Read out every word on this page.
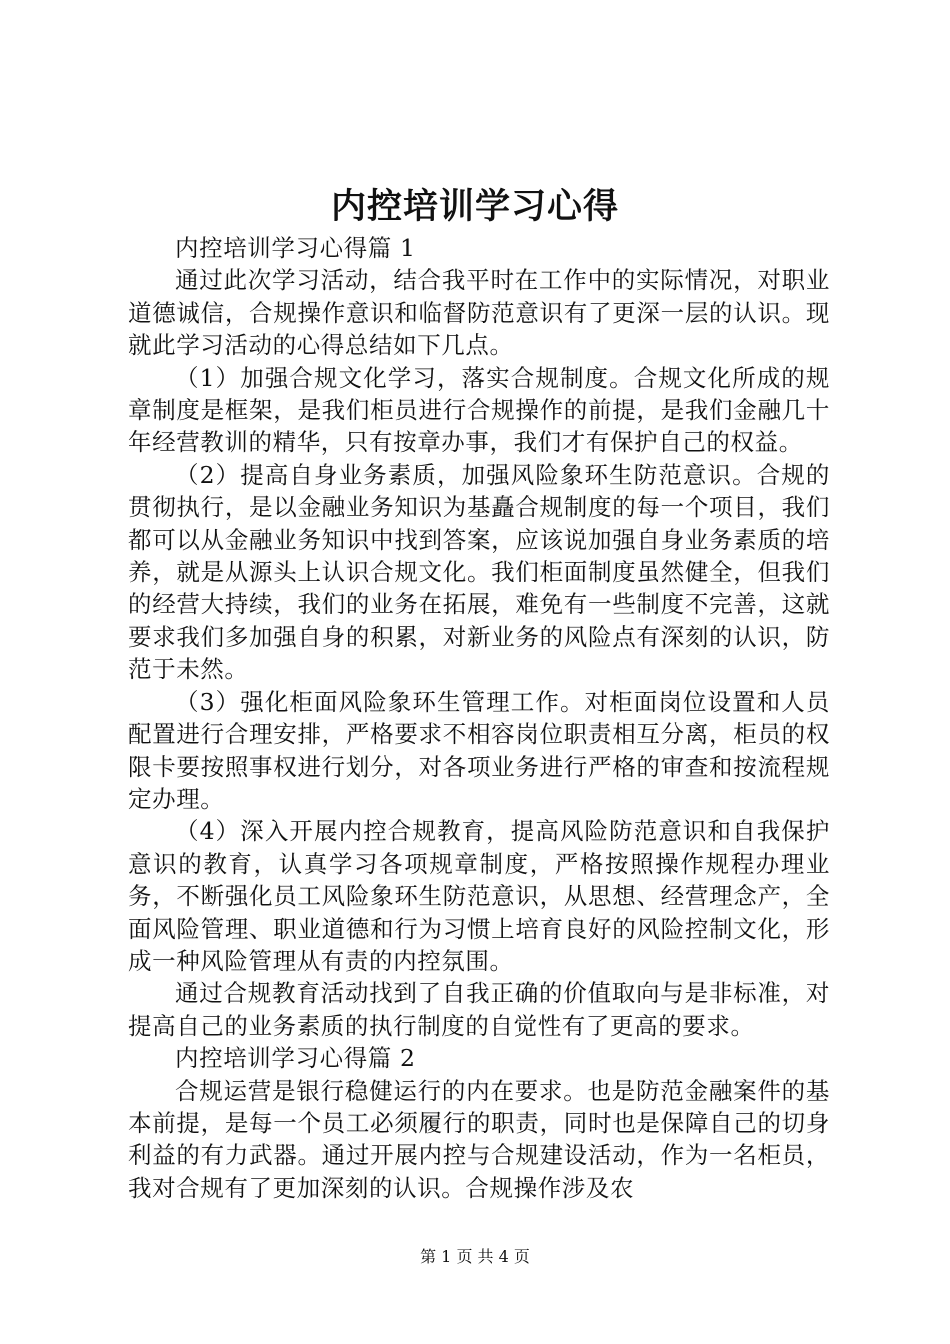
内控培训学习心得

内控培训学习心得篇 1

通过此次学习活动，结合我平时在工作中的实际情况，对职业道德诚信，合规操作意识和临督防范意识有了更深一层的认识。现就此学习活动的心得总结如下几点。

（1）加强合规文化学习，落实合规制度。合规文化所成的规章制度是框架，是我们柜员进行合规操作的前提，是我们金融几十年经营教训的精华，只有按章办事，我们才有保护自己的权益。

（2）提高自身业务素质，加强风险象环生防范意识。合规的贯彻执行，是以金融业务知识为基矗合规制度的每一个项目，我们都可以从金融业务知识中找到答案，应该说加强自身业务素质的培养，就是从源头上认识合规文化。我们柜面制度虽然健全，但我们的经营大持续，我们的业务在拓展，难免有一些制度不完善，这就要求我们多加强自身的积累，对新业务的风险点有深刻的认识，防范于未然。

（3）强化柜面风险象环生管理工作。对柜面岗位设置和人员配置进行合理安排，严格要求不相容岗位职责相互分离，柜员的权限卡要按照事权进行划分，对各项业务进行严格的审查和按流程规定办理。

（4）深入开展内控合规教育，提高风险防范意识和自我保护意识的教育，认真学习各项规章制度，严格按照操作规程办理业务，不断强化员工风险象环生防范意识，从思想、经营理念产，全面风险管理、职业道德和行为习惯上培育良好的风险控制文化，形成一种风险管理从有责的内控氛围。

通过合规教育活动找到了自我正确的价值取向与是非标准，对提高自己的业务素质的执行制度的自觉性有了更高的要求。

内控培训学习心得篇 2

合规运营是银行稳健运行的内在要求。也是防范金融案件的基本前提，是每一个员工必须履行的职责，同时也是保障自己的切身利益的有力武器。通过开展内控与合规建设活动，作为一名柜员，我对合规有了更加深刻的认识。合规操作涉及农

第 1 页 共 4 页
